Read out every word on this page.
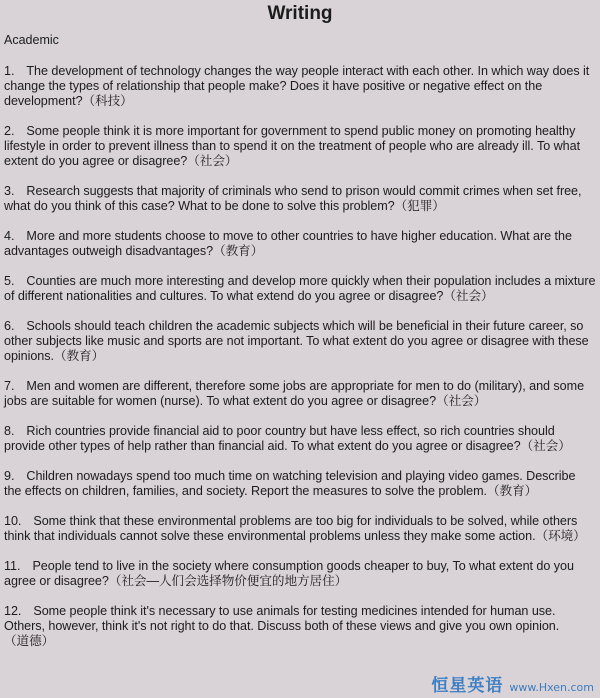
Writing
Academic
1. The development of technology changes the way people interact with each other. In which way does it change the types of relationship that people make? Does it have positive or negative effect on the development?（科技）
2. Some people think it is more important for government to spend public money on promoting healthy lifestyle in order to prevent illness than to spend it on the treatment of people who are already ill. To what extent do you agree or disagree?（社会）
3. Research suggests that majority of criminals who send to prison would commit crimes when set free, what do you think of this case? What to be done to solve this problem?（犯罪）
4. More and more students choose to move to other countries to have higher education. What are the advantages outweigh disadvantages?（教育）
5. Counties are much more interesting and develop more quickly when their population includes a mixture of different nationalities and cultures. To what extend do you agree or disagree?（社会）
6. Schools should teach children the academic subjects which will be beneficial in their future career, so other subjects like music and sports are not important. To what extent do you agree or disagree with these opinions.（教育）
7. Men and women are different, therefore some jobs are appropriate for men to do (military), and some jobs are suitable for women (nurse). To what extent do you agree or disagree?（社会）
8. Rich countries provide financial aid to poor country but have less effect, so rich countries should provide other types of help rather than financial aid. To what extent do you agree or disagree?（社会）
9. Children nowadays spend too much time on watching television and playing video games. Describe the effects on children, families, and society. Report the measures to solve the problem.（教育）
10. Some think that these environmental problems are too big for individuals to be solved, while others think that individuals cannot solve these environmental problems unless they make some action.（环境）
11. People tend to live in the society where consumption goods cheaper to buy, To what extent do you agree or disagree?（社会—人们会选择物价便宜的地方居住）
12. Some people think it's necessary to use animals for testing medicines intended for human use. Others, however, think it's not right to do that. Discuss both of these views and give you own opinion.（道德）
恒星英语 www.Hxen.com
